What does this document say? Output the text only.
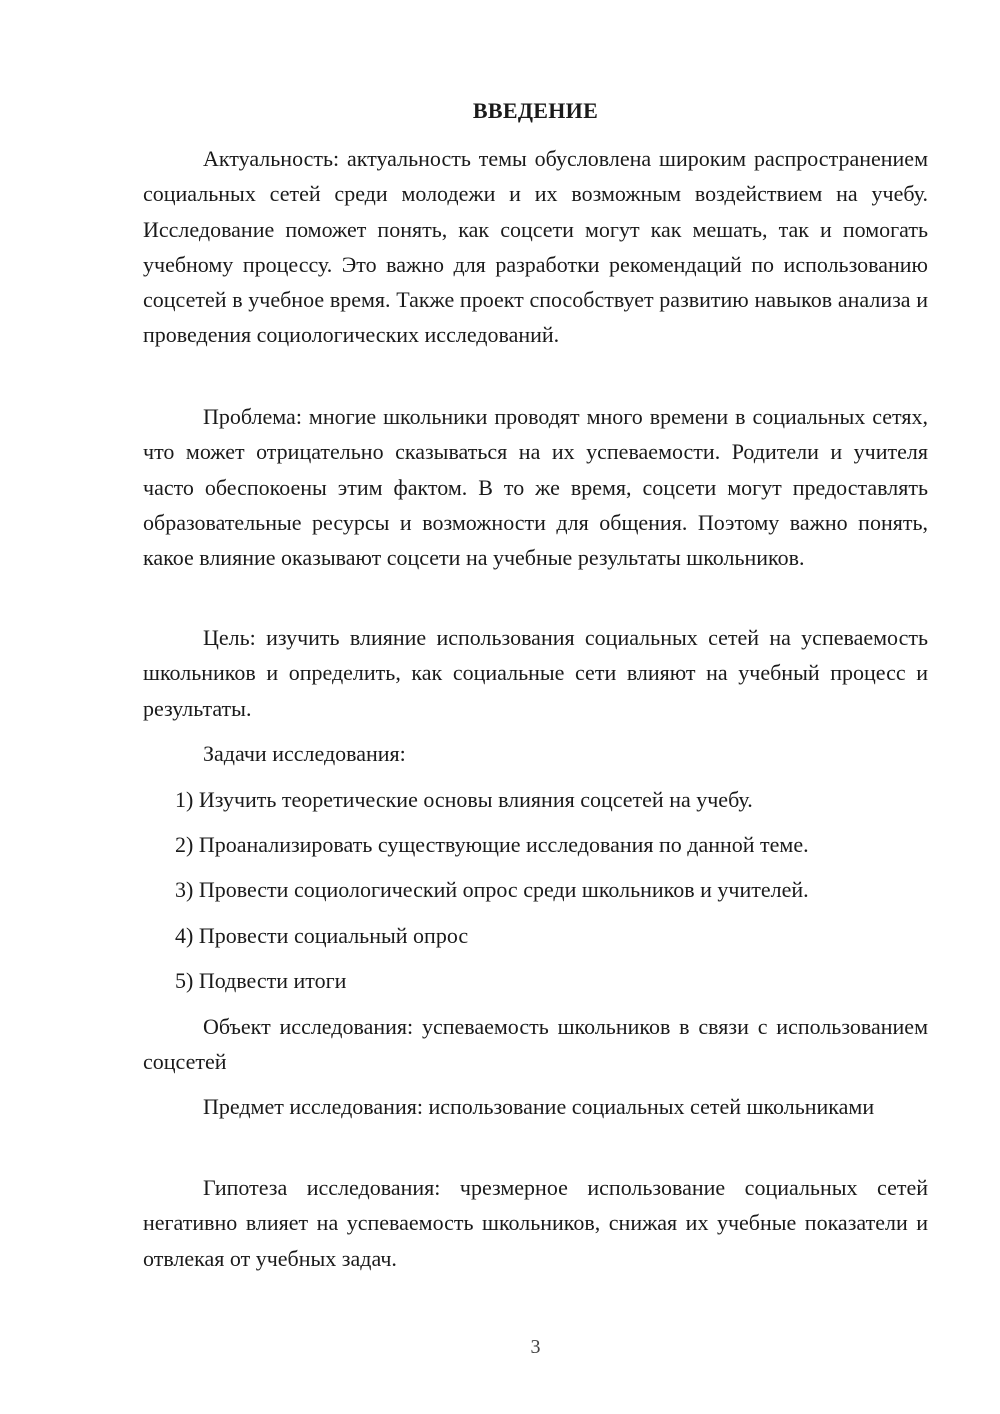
ВВЕДЕНИЕ

Актуальность: актуальность темы обусловлена широким распространением социальных сетей среди молодежи и их возможным воздействием на учебу. Исследование поможет понять, как соцсети могут как мешать, так и помогать учебному процессу. Это важно для разработки рекомендаций по использованию соцсетей в учебное время. Также проект способствует развитию навыков анализа и проведения социологических исследований.

Проблема: многие школьники проводят много времени в социальных сетях, что может отрицательно сказываться на их успеваемости. Родители и учителя часто обеспокоены этим фактом. В то же время, соцсети могут предоставлять образовательные ресурсы и возможности для общения. Поэтому важно понять, какое влияние оказывают соцсети на учебные результаты школьников.

Цель: изучить влияние использования социальных сетей на успеваемость школьников и определить, как социальные сети влияют на учебный процесс и результаты.

Задачи исследования:

1) Изучить теоретические основы влияния соцсетей на учебу.

2) Проанализировать существующие исследования по данной теме.

3) Провести социологический опрос среди школьников и учителей.

4) Провести социальный опрос

5) Подвести итоги

Объект исследования: успеваемость школьников в связи с использованием соцсетей

Предмет исследования: использование социальных сетей школьниками

Гипотеза исследования: чрезмерное использование социальных сетей негативно влияет на успеваемость школьников, снижая их учебные показатели и отвлекая от учебных задач.

3
